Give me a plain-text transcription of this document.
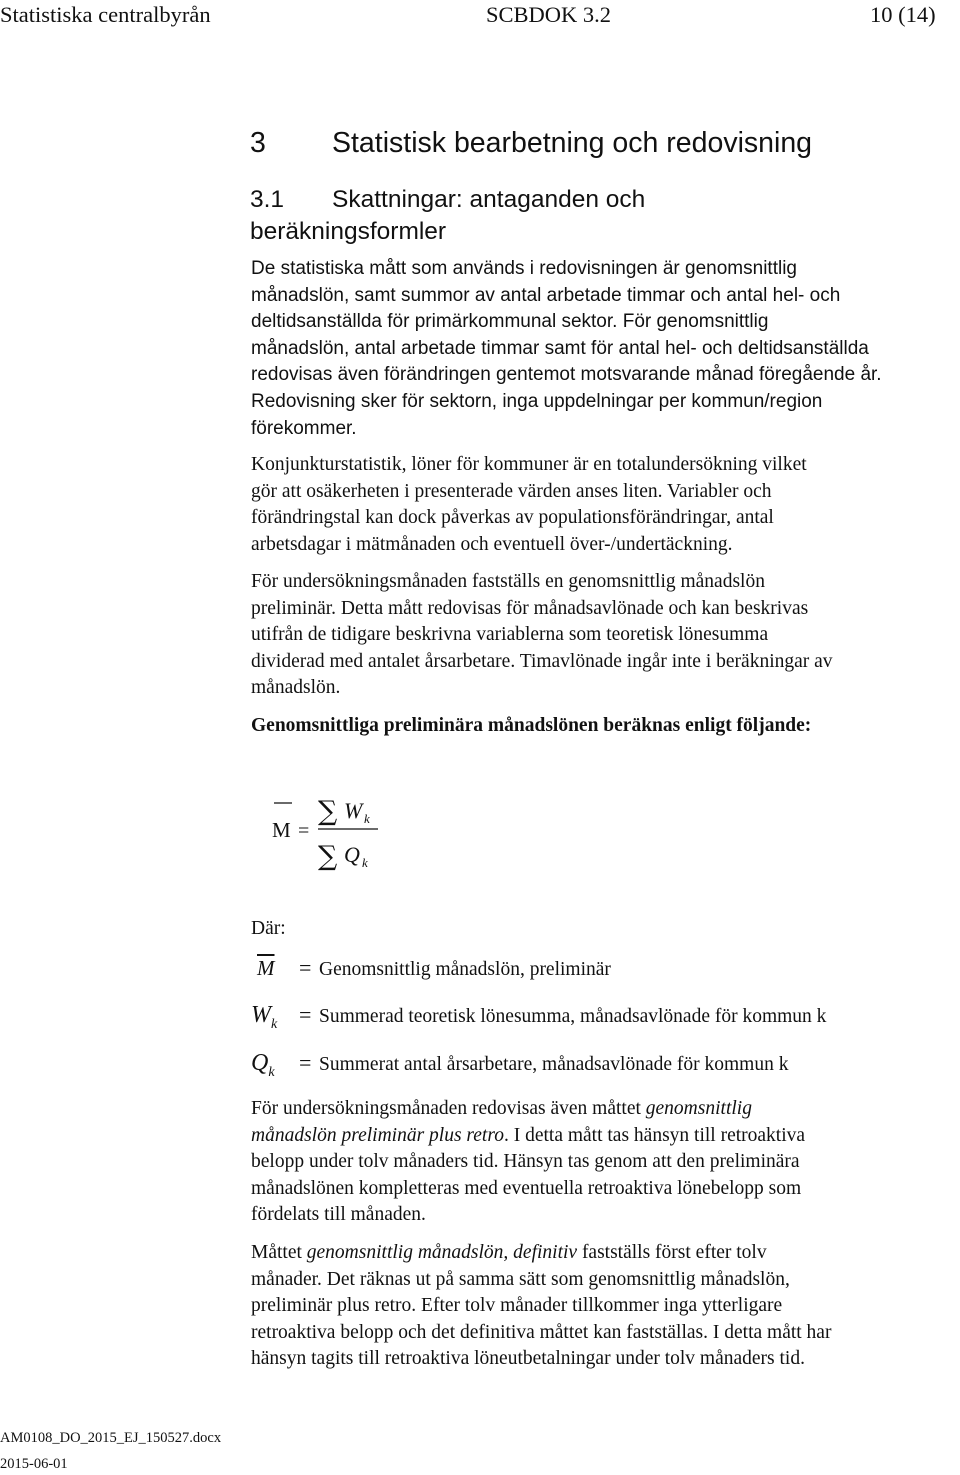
Statistiska centralbyrån	SCBDOK 3.2	10 (14)
3 Statistisk bearbetning och redovisning
3.1 Skattningar: antaganden och
beräkningsformler
De statistiska mått som används i redovisningen är genomsnittlig
månadslön, samt summor av antal arbetade timmar och antal hel- och
deltidsanställda för primärkommunal sektor. För genomsnittlig
månadslön, antal arbetade timmar samt för antal hel- och deltidsanställda
redovisas även förändringen gentemot motsvarande månad föregående år.
Redovisning sker för sektorn, inga uppdelningar per kommun/region
förekommer.
Konjunkturstatistik, löner för kommuner är en totalundersökning vilket
gör att osäkerheten i presenterade värden anses liten. Variabler och
förändringstal kan dock påverkas av populationsförändringar, antal
arbetsdagar i mätmånaden och eventuell över-/undertäckning.
För undersökningsmånaden fastställs en genomsnittlig månadslön
preliminär. Detta mått redovisas för månadsavlönade och kan beskrivas
utifrån de tidigare beskrivna variablerna som teoretisk lönesumma
dividerad med antalet årsarbetare. Timavlönade ingår inte i beräkningar av
månadslön.
Genomsnittliga preliminära månadslönen beräknas enligt följande:
M =
∑ W k
∑ Q k
Där:
$\overline{M}$ = Genomsnittlig månadslön, preliminär
$W_k$ = Summerad teoretisk lönesumma, månadsavlönade för kommun k
$Q_k$ = Summerat antal årsarbetare, månadsavlönade för kommun k
För undersökningsmånaden redovisas även måttet genomsnittlig
månadslön preliminär plus retro. I detta mått tas hänsyn till retroaktiva
belopp under tolv månaders tid. Hänsyn tas genom att den preliminära
månadslönen kompletteras med eventuella retroaktiva lönebelopp som
fördelats till månaden.
Måttet genomsnittlig månadslön, definitiv fastställs först efter tolv
månader. Det räknas ut på samma sätt som genomsnittlig månadslön,
preliminär plus retro. Efter tolv månader tillkommer inga ytterligare
retroaktiva belopp och det definitiva måttet kan fastställas. I detta mått har
hänsyn tagits till retroaktiva löneutbetalningar under tolv månaders tid.
AM0108_DO_2015_EJ_150527.docx
2015-06-01
